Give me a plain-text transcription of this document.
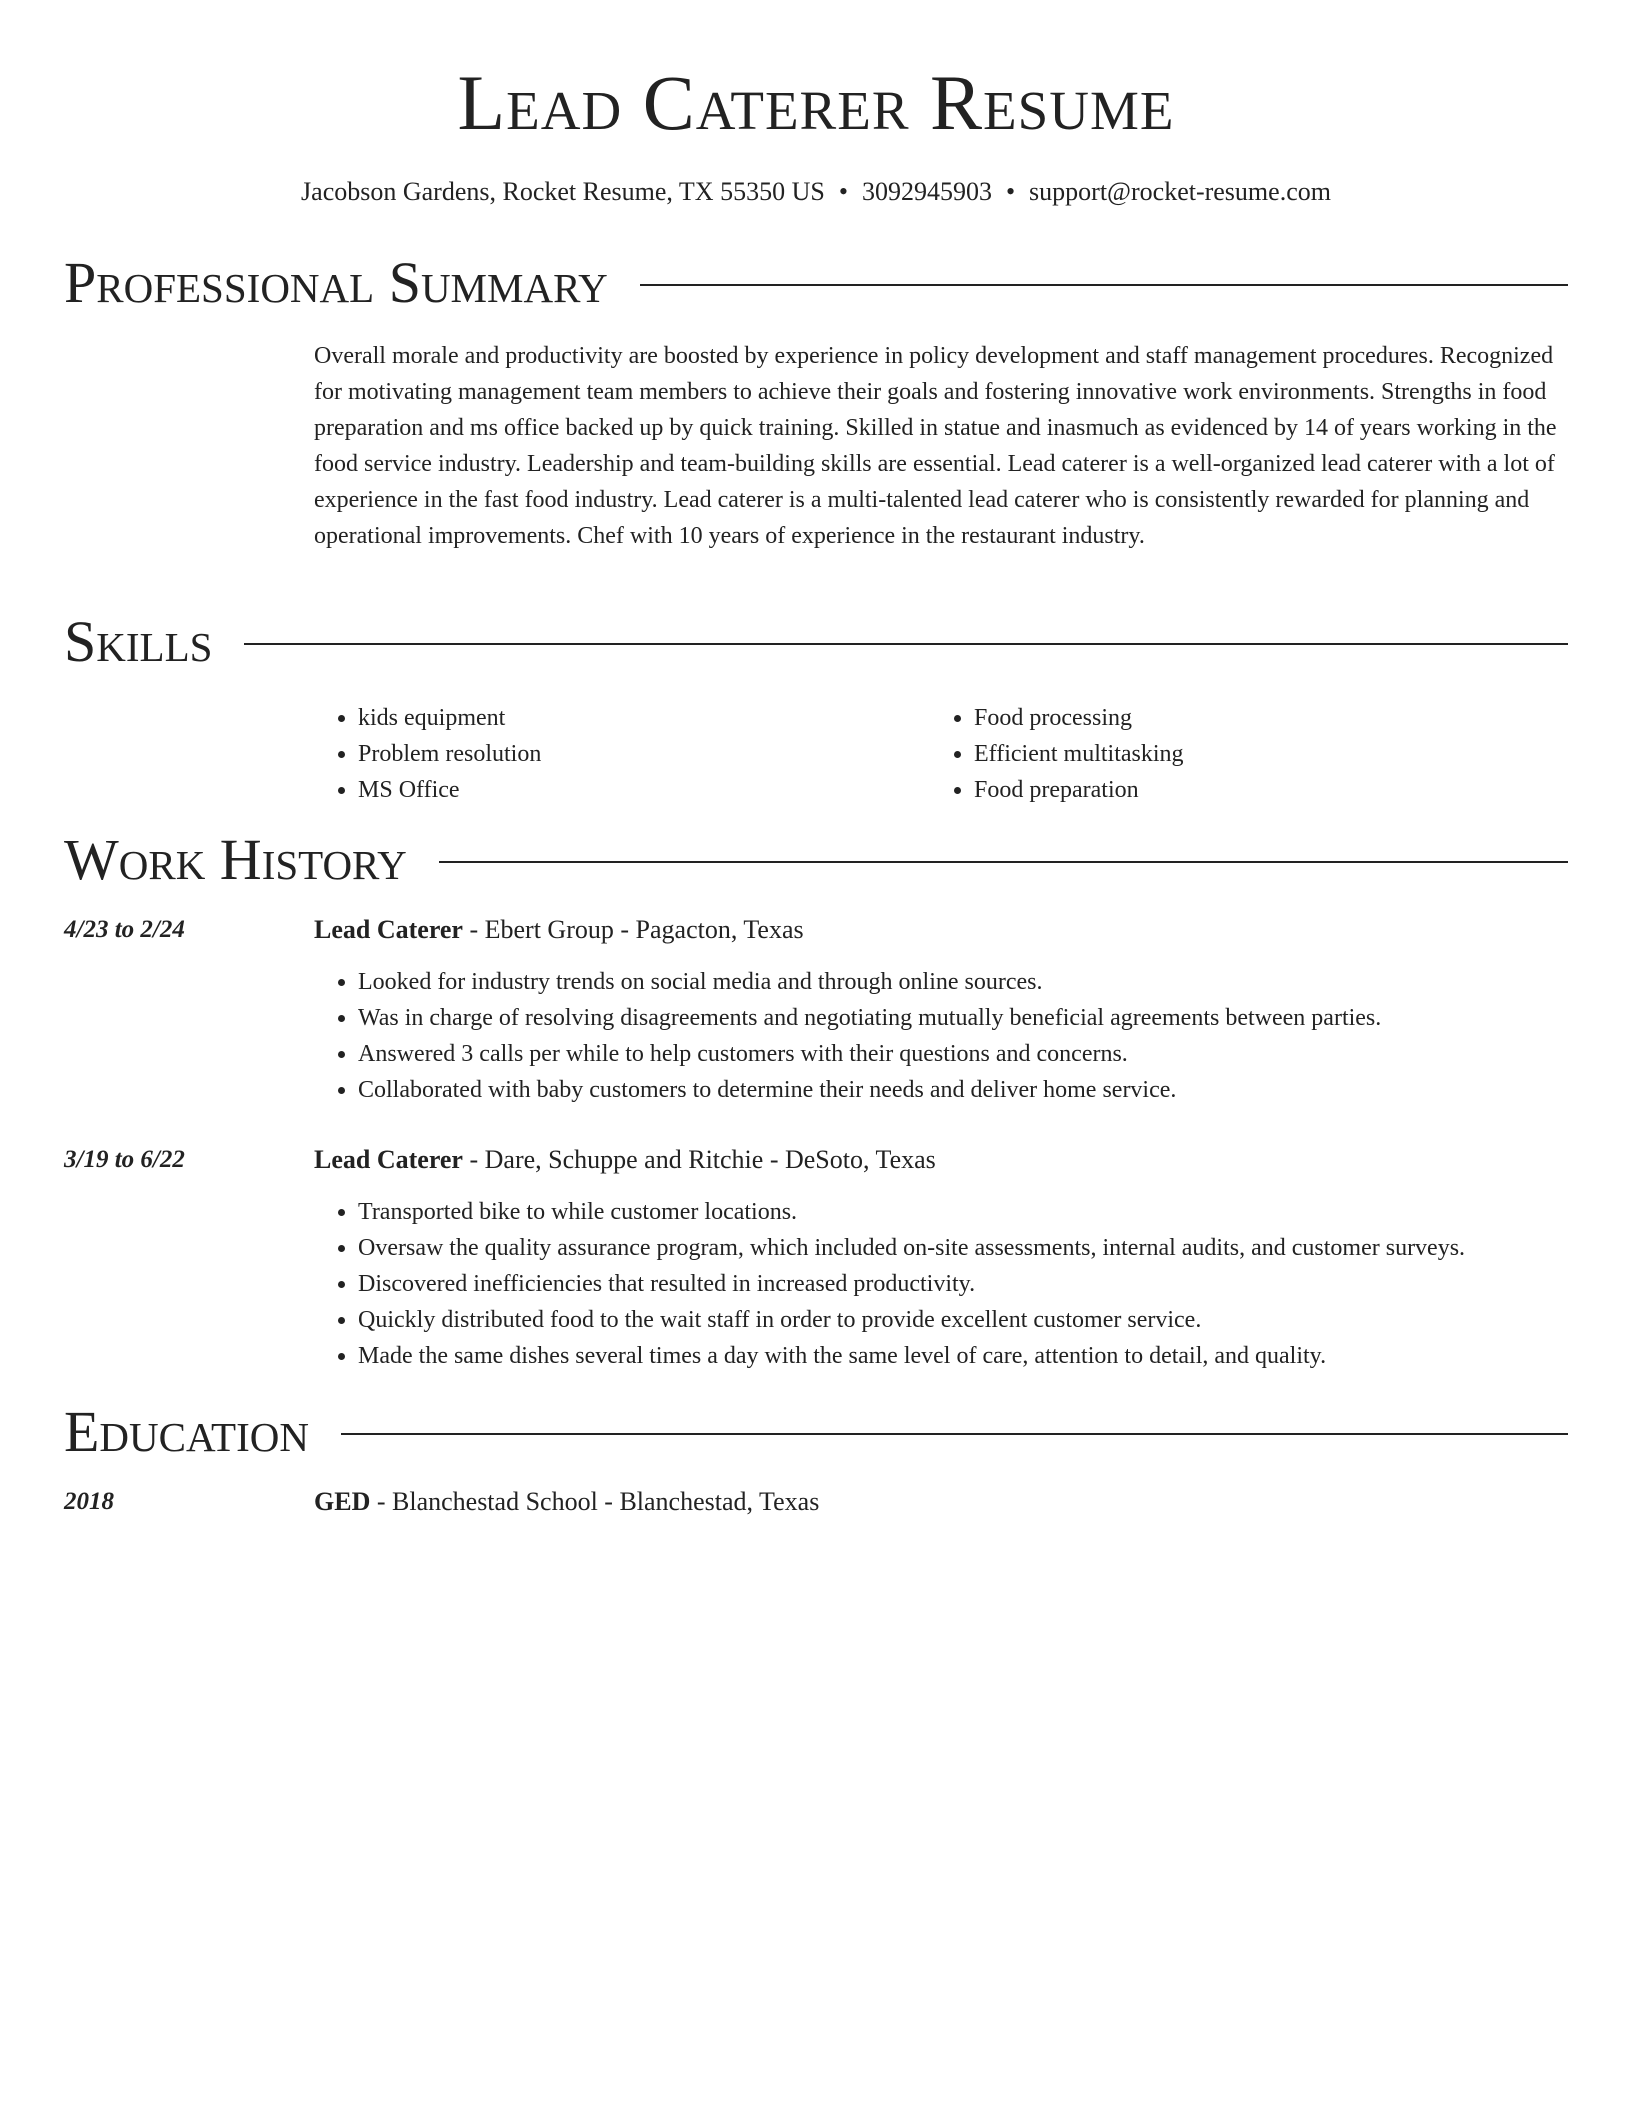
Lead Caterer Resume
Jacobson Gardens, Rocket Resume, TX 55350 US • 3092945903 • support@rocket-resume.com
Professional Summary

Overall morale and productivity are boosted by experience in policy development and staff management procedures. Recognized for motivating management team members to achieve their goals and fostering innovative work environments. Strengths in food preparation and ms office backed up by quick training. Skilled in statue and inasmuch as evidenced by 14 of years working in the food service industry. Leadership and team-building skills are essential. Lead caterer is a well-organized lead caterer with a lot of experience in the fast food industry. Lead caterer is a multi-talented lead caterer who is consistently rewarded for planning and operational improvements. Chef with 10 years of experience in the restaurant industry.

Skills
• kids equipment
• Problem resolution
• MS Office
• Food processing
• Efficient multitasking
• Food preparation
Work History
4/23 to 2/24	Lead Caterer - Ebert Group - Pagacton, Texas
• Looked for industry trends on social media and through online sources.
• Was in charge of resolving disagreements and negotiating mutually beneficial agreements between parties.
• Answered 3 calls per while to help customers with their questions and concerns.
• Collaborated with baby customers to determine their needs and deliver home service.
3/19 to 6/22	Lead Caterer - Dare, Schuppe and Ritchie - DeSoto, Texas
• Transported bike to while customer locations.
• Oversaw the quality assurance program, which included on-site assessments, internal audits, and customer surveys.
• Discovered inefficiencies that resulted in increased productivity.
• Quickly distributed food to the wait staff in order to provide excellent customer service.
• Made the same dishes several times a day with the same level of care, attention to detail, and quality.
Education
2018	GED - Blanchestad School - Blanchestad, Texas
